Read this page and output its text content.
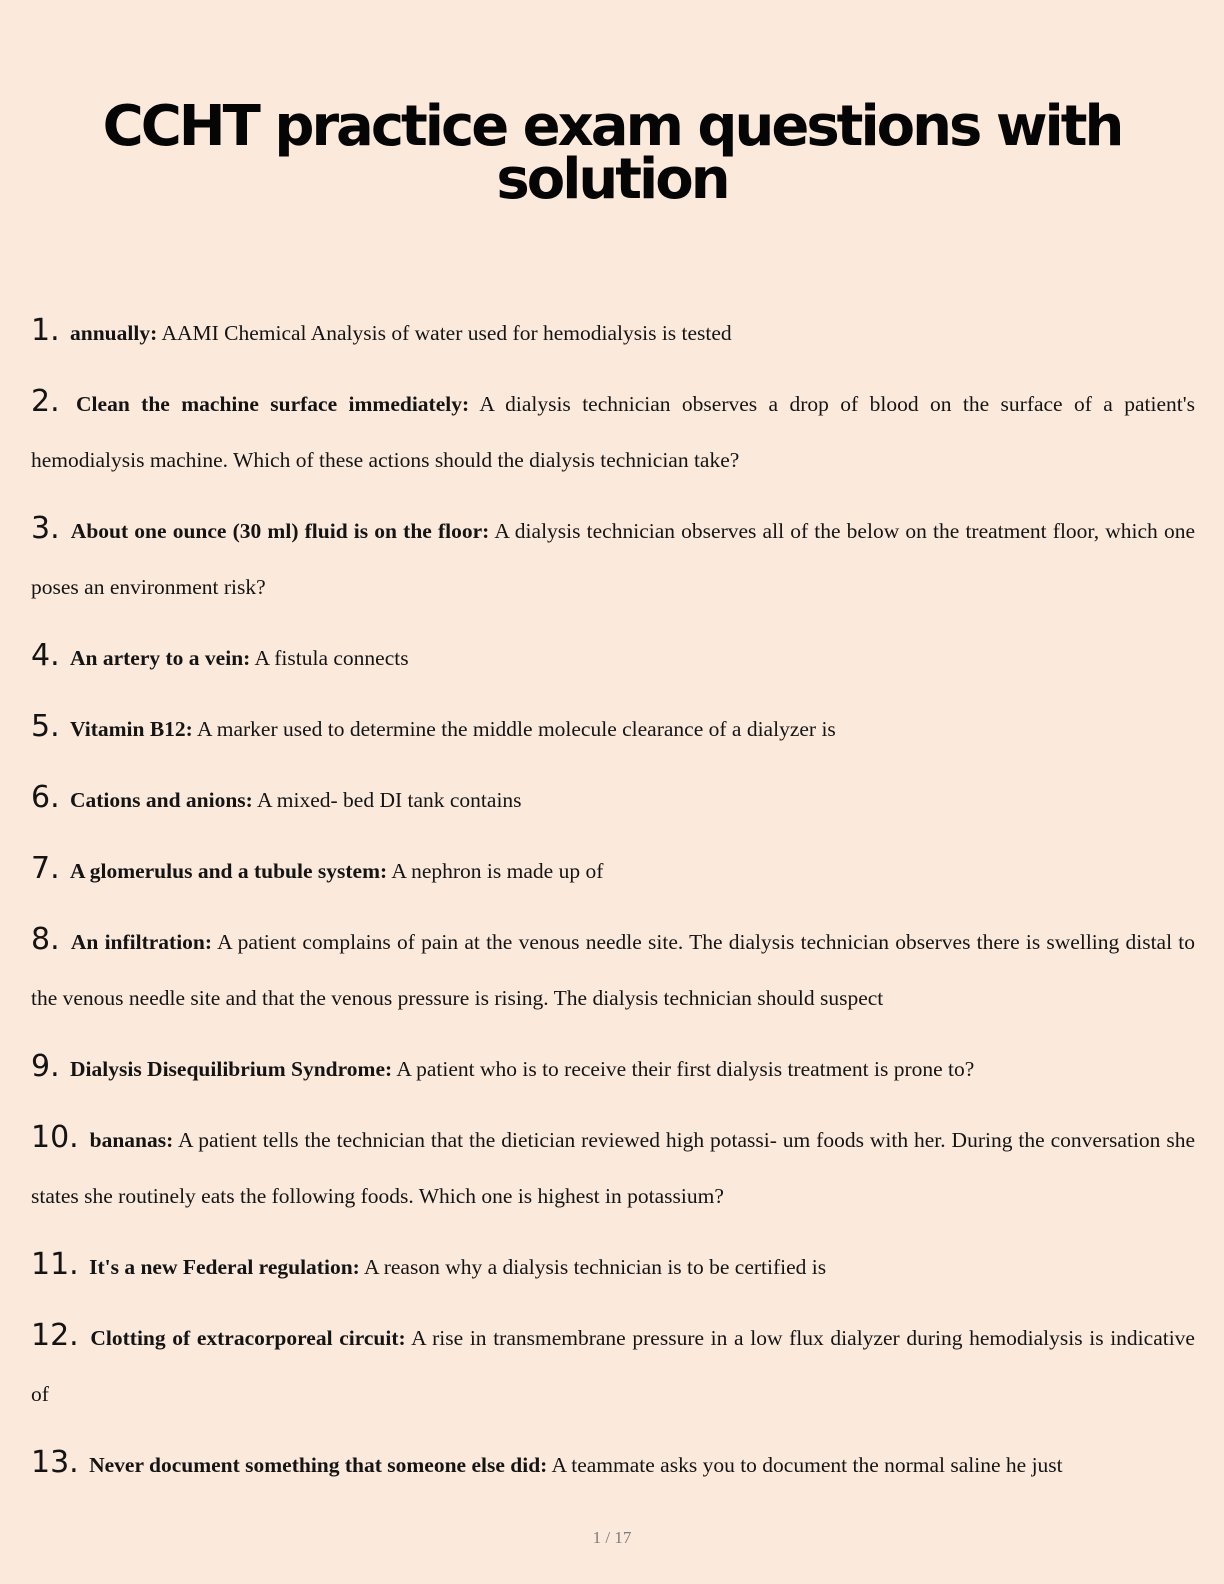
CCHT practice exam questions with
solution
1. annually: AAMI Chemical Analysis of water used for hemodialysis is tested
2. Clean the machine surface immediately: A dialysis technician observes a drop of blood on the surface of a patient's hemodialysis machine. Which of these actions should the dialysis technician take?
3. About one ounce (30 ml) fluid is on the floor: A dialysis technician observes all of the below on the treatment floor, which one poses an environment risk?
4. An artery to a vein: A fistula connects
5. Vitamin B12: A marker used to determine the middle molecule clearance of a dialyzer is
6. Cations and anions: A mixed- bed DI tank contains
7. A glomerulus and a tubule system: A nephron is made up of
8. An infiltration: A patient complains of pain at the venous needle site. The dialysis technician observes there is swelling distal to the venous needle site and that the venous pressure is rising. The dialysis technician should suspect
9. Dialysis Disequilibrium Syndrome: A patient who is to receive their first dialysis treatment is prone to?
10. bananas: A patient tells the technician that the dietician reviewed high potassi- um foods with her. During the conversation she states she routinely eats the following foods. Which one is highest in potassium?
11. It's a new Federal regulation: A reason why a dialysis technician is to be certified is
12. Clotting of extracorporeal circuit: A rise in transmembrane pressure in a low flux dialyzer during hemodialysis is indicative of
13. Never document something that someone else did: A teammate asks you to document the normal saline he just
1 / 17
